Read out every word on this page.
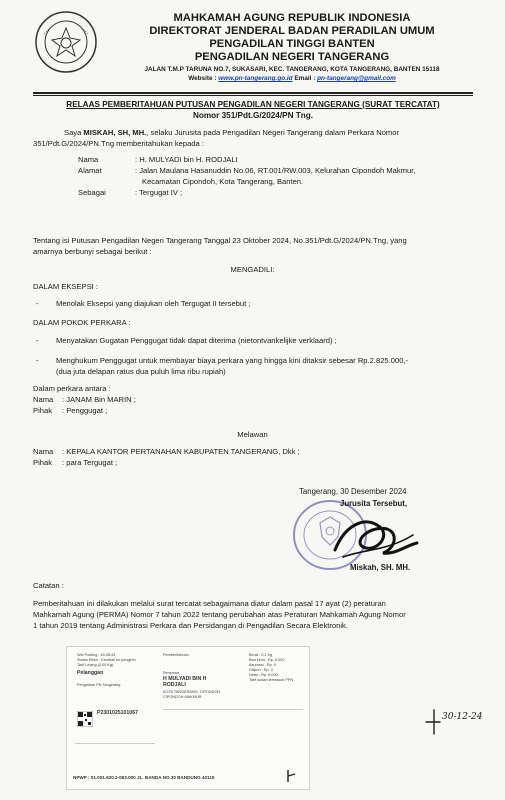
MAHKAMAH AGUNG REPUBLIK INDONESIA
DIREKTORAT JENDERAL BADAN PERADILAN UMUM
PENGADILAN TINGGI BANTEN
PENGADILAN NEGERI TANGERANG
JALAN T.M.P TARUNA NO.7, SUKASARI, KEC. TANGERANG, KOTA TANGERANG, BANTEN 15118
Website : www.pn-tangerang.go.id Email : pn-tangerang@gmail.com
RELAAS PEMBERITAHUAN PUTUSAN PENGADILAN NEGERI TANGERANG (SURAT TERCATAT)
Nomor 351/Pdt.G/2024/PN Tng.
Saya MISKAH, SH, MH., selaku Jurusita pada Pengadilan Negeri Tangerang dalam Perkara Nomor
351/Pdt.G/2024/PN.Tng memberitahukan kepada :
Nama	: H. MULYADI bin H. RODJALI
Alamat	: Jalan Maulana Hasanuddin No.06, RT.001/RW.003, Kelurahan Cipondoh Makmur,
Kecamatan Cipondoh, Kota Tangerang, Banten.
Sebagai	: Tergugat IV ;
Tentang isi Putusan Pengadilan Negeri Tangerang Tanggal 23 Oktober 2024, No.351/Pdt.G/2024/PN.Tng, yang
amarnya berbunyi sebagai berikut :
MENGADILI:
DALAM EKSEPSI :
- Menolak Eksepsi yang diajukan oleh Tergugat II tersebut ;
DALAM POKOK PERKARA :
- Menyatakan Gugatan Penggugat tidak dapat diterima (nietontvankelijke verklaard) ;
- Menghukum Penggugat untuk membayar biaya perkara yang hingga kini ditaksir sebesar Rp.2.825.000,-
(dua juta delapan ratus dua puluh lima ribu rupiah)
Dalam perkara antara :
Nama : JANAM Bin MARIN ;
Pihak : Penggugat ;
Melawan
Nama : KEPALA KANTOR PERTANAHAN KABUPATEN TANGERANG, Dkk ;
Pihak : para Tergugat ;
Tangerang, 30 Desember 2024
Jurusita Tersebut,
Miskah, SH. MH.
Catatan :
Pemberitahuan ini dilakukan melalui surat tercatat sebagaimana diatur dalam pasal 17 ayat (2) peraturan
Mahkamah Agung (PERMA) Nomor 7 tahun 2022 tentang perubahan atas Peraturan Mahkamah Agung Nomor
1 tahun 2019 tentang Administrasi Perkara dan Persidangan di Pengadilan Secara Elektronik.
Wkt Posting : 16:28:43
Status Retur : Kembali ke pengirim
Tarif Lelang (0,00 Kg)
Pelanggan
Pengirimm PN Tangerang
Pemberitahuan
Penerima
H MULYADI BIN H
RODJALI
KOTA TANGERANG, CIPONDOH,
CIPONDOH MAKMUR
Berat : 0,1 Kg
Bea kirim : Rp. 6.000
Asuransi : Rp. 0
Diskon : Rp. 0
Netto : Rp. 6.000
Tarif sudah termasuk PPN
P2301025101067
NPWP : 01.001.620.2-093.000 JL. BANDA NO.30 BANDUNG 40115
30-12-24
